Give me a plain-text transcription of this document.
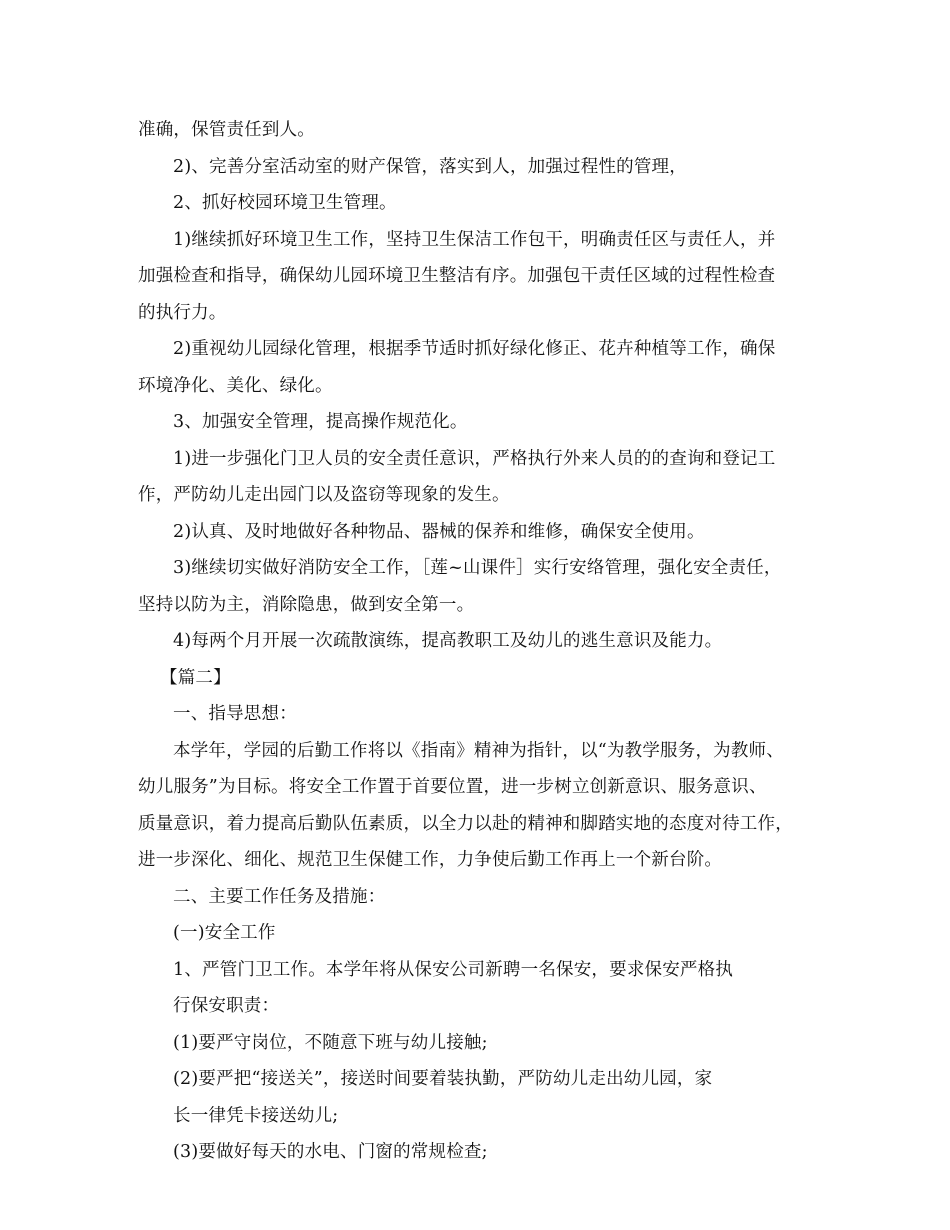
准确，保管责任到人。
2)、完善分室活动室的财产保管，落实到人，加强过程性的管理，
2、抓好校园环境卫生管理。
1)继续抓好环境卫生工作，坚持卫生保洁工作包干，明确责任区与责任人，并
加强检查和指导，确保幼儿园环境卫生整洁有序。加强包干责任区域的过程性检查
的执行力。
2)重视幼儿园绿化管理，根据季节适时抓好绿化修正、花卉种植等工作，确保
环境净化、美化、绿化。
3、加强安全管理，提高操作规范化。
1)进一步强化门卫人员的安全责任意识，严格执行外来人员的的查询和登记工
作，严防幼儿走出园门以及盗窃等现象的发生。
2)认真、及时地做好各种物品、器械的保养和维修，确保安全使用。
3)继续切实做好消防安全工作，［莲~山课件］实行安络管理，强化安全责任，
坚持以防为主，消除隐患，做到安全第一。
4)每两个月开展一次疏散演练，提高教职工及幼儿的逃生意识及能力。
【篇二】
一、指导思想：
本学年，学园的后勤工作将以《指南》精神为指针，以“为教学服务，为教师、
幼儿服务”为目标。将安全工作置于首要位置，进一步树立创新意识、服务意识、
质量意识，着力提高后勤队伍素质，以全力以赴的精神和脚踏实地的态度对待工作，
进一步深化、细化、规范卫生保健工作，力争使后勤工作再上一个新台阶。
二、主要工作任务及措施：
(一)安全工作
1、严管门卫工作。本学年将从保安公司新聘一名保安，要求保安严格执
行保安职责：
(1)要严守岗位，不随意下班与幼儿接触;
(2)要严把“接送关”，接送时间要着装执勤，严防幼儿走出幼儿园，家
长一律凭卡接送幼儿;
(3)要做好每天的水电、门窗的常规检查;
